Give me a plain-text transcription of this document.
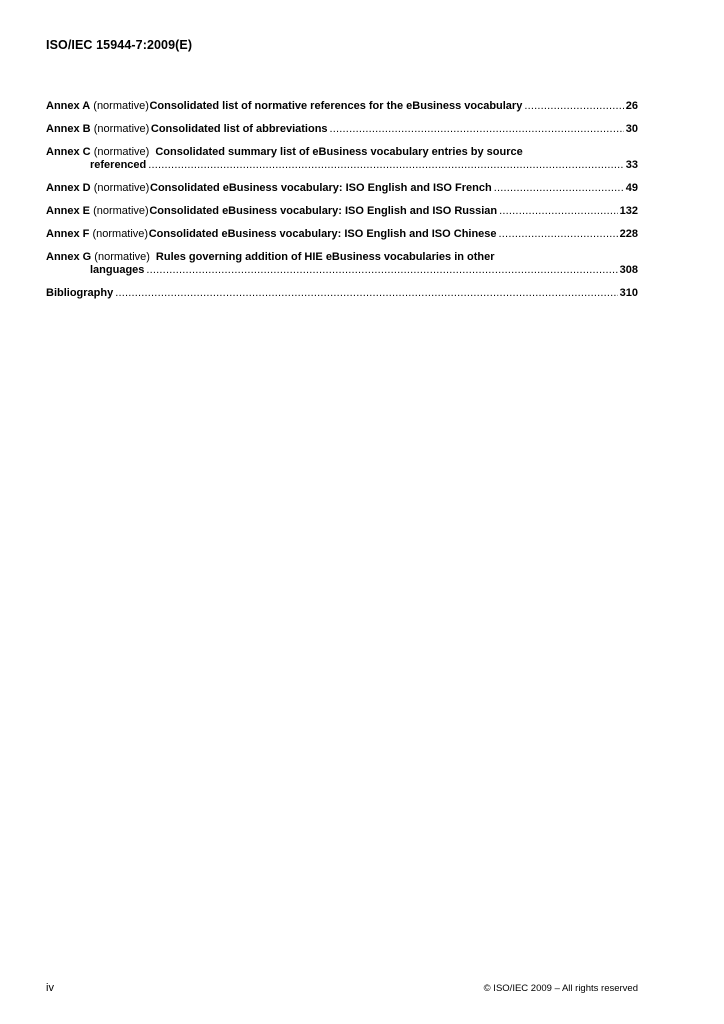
ISO/IEC 15944-7:2009(E)
Annex A
(normative) Consolidated list of normative references for the eBusiness vocabulary .....	26
Annex B
(normative) Consolidated list of abbreviations .....	30
Annex C
(normative) Consolidated summary list of eBusiness vocabulary entries by source
referenced .....	33
Annex D
(normative) Consolidated eBusiness vocabulary: ISO English and ISO French .....	49
Annex E
(normative) Consolidated eBusiness vocabulary: ISO English and ISO Russian .....	132
Annex F
(normative) Consolidated eBusiness vocabulary: ISO English and ISO Chinese .....	228
Annex G
(normative) Rules governing addition of HIE eBusiness vocabularies in other
languages .....	308
Bibliography .....	310
iv	© ISO/IEC 2009 – All rights reserved
